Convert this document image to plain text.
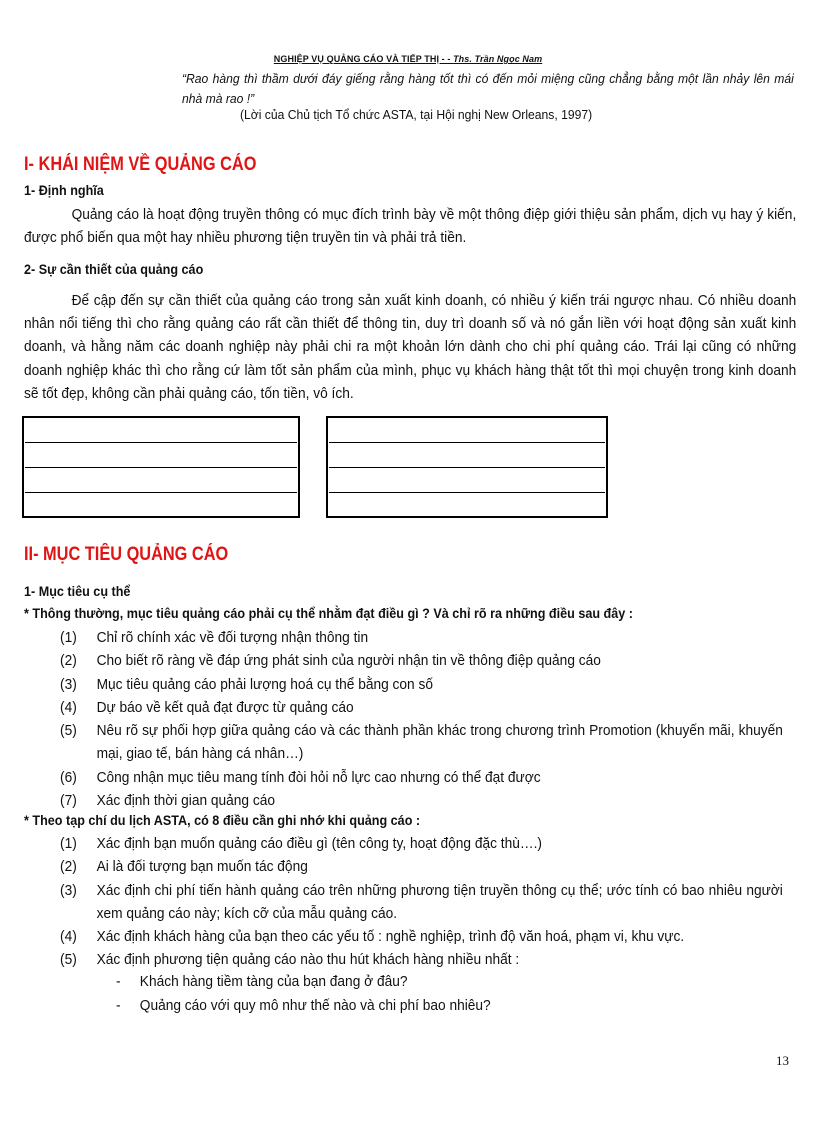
NGHIỆP VỤ QUẢNG CÁO VÀ TIẾP THỊ - - Ths. Trần Ngọc Nam
“Rao hàng thì thầm dưới đáy giếng rằng hàng tốt thì có đến mỏi miệng cũng chẳng bằng một lần nhảy lên mái nhà mà rao !”
(Lời của Chủ tịch Tổ chức ASTA, tại Hội nghị New Orleans, 1997)
I- KHÁI NIỆM VỀ QUẢNG CÁO
1- Định nghĩa
Quảng cáo là hoạt động truyền thông có mục đích trình bày về một thông điệp giới thiệu sản phẩm, dịch vụ hay ý kiến, được phổ biến qua một hay nhiều phương tiện truyền tin và phải trả tiền.
2- Sự cần thiết của quảng cáo
Để cập đến sự cần thiết của quảng cáo trong sản xuất kinh doanh, có nhiều ý kiến trái ngược nhau. Có nhiều doanh nhân nổi tiếng thì cho rằng quảng cáo rất cần thiết để thông tin, duy trì doanh số và nó gắn liền với hoạt động sản xuất kinh doanh, và hằng năm các doanh nghiệp này phải chi ra một khoản lớn dành cho chi phí quảng cáo. Trái lại cũng có những doanh nghiệp khác thì cho rằng cứ làm tốt sản phẩm của mình, phục vụ khách hàng thật tốt thì mọi chuyện trong kinh doanh sẽ tốt đẹp, không cần phải quảng cáo, tốn tiền, vô ích.
II- MỤC TIÊU QUẢNG CÁO
1- Mục tiêu cụ thể
* Thông thường, mục tiêu quảng cáo phải cụ thể nhằm đạt điều gì ? Và chỉ rõ ra những điều sau đây :
(1) Chỉ rõ chính xác về đối tượng nhận thông tin
(2) Cho biết rõ ràng về đáp ứng phát sinh của người nhận tin về thông điệp quảng cáo
(3) Mục tiêu quảng cáo phải lượng hoá cụ thể bằng con số
(4) Dự báo về kết quả đạt được từ quảng cáo
(5) Nêu rõ sự phối hợp giữa quảng cáo và các thành phần khác trong chương trình Promotion (khuyến mãi, khuyến mại, giao tế, bán hàng cá nhân…)
(6) Công nhận mục tiêu mang tính đòi hỏi nỗ lực cao nhưng có thể đạt được
(7) Xác định thời gian quảng cáo
* Theo tạp chí du lịch ASTA, có 8 điều cần ghi nhớ khi quảng cáo :
(1) Xác định bạn muốn quảng cáo điều gì (tên công ty, hoạt động đặc thù….)
(2) Ai là đối tượng bạn muốn tác động
(3) Xác định chi phí tiến hành quảng cáo trên những phương tiện truyền thông cụ thể; ước tính có bao nhiêu người xem quảng cáo này; kích cỡ của mẫu quảng cáo.
(4) Xác định khách hàng của bạn theo các yếu tố : nghề nghiệp, trình độ văn hoá, phạm vi, khu vực.
(5) Xác định phương tiện quảng cáo nào thu hút khách hàng nhiều nhất :
- Khách hàng tiềm tàng của bạn đang ở đâu?
- Quảng cáo với quy mô như thế nào và chi phí bao nhiêu?
13
